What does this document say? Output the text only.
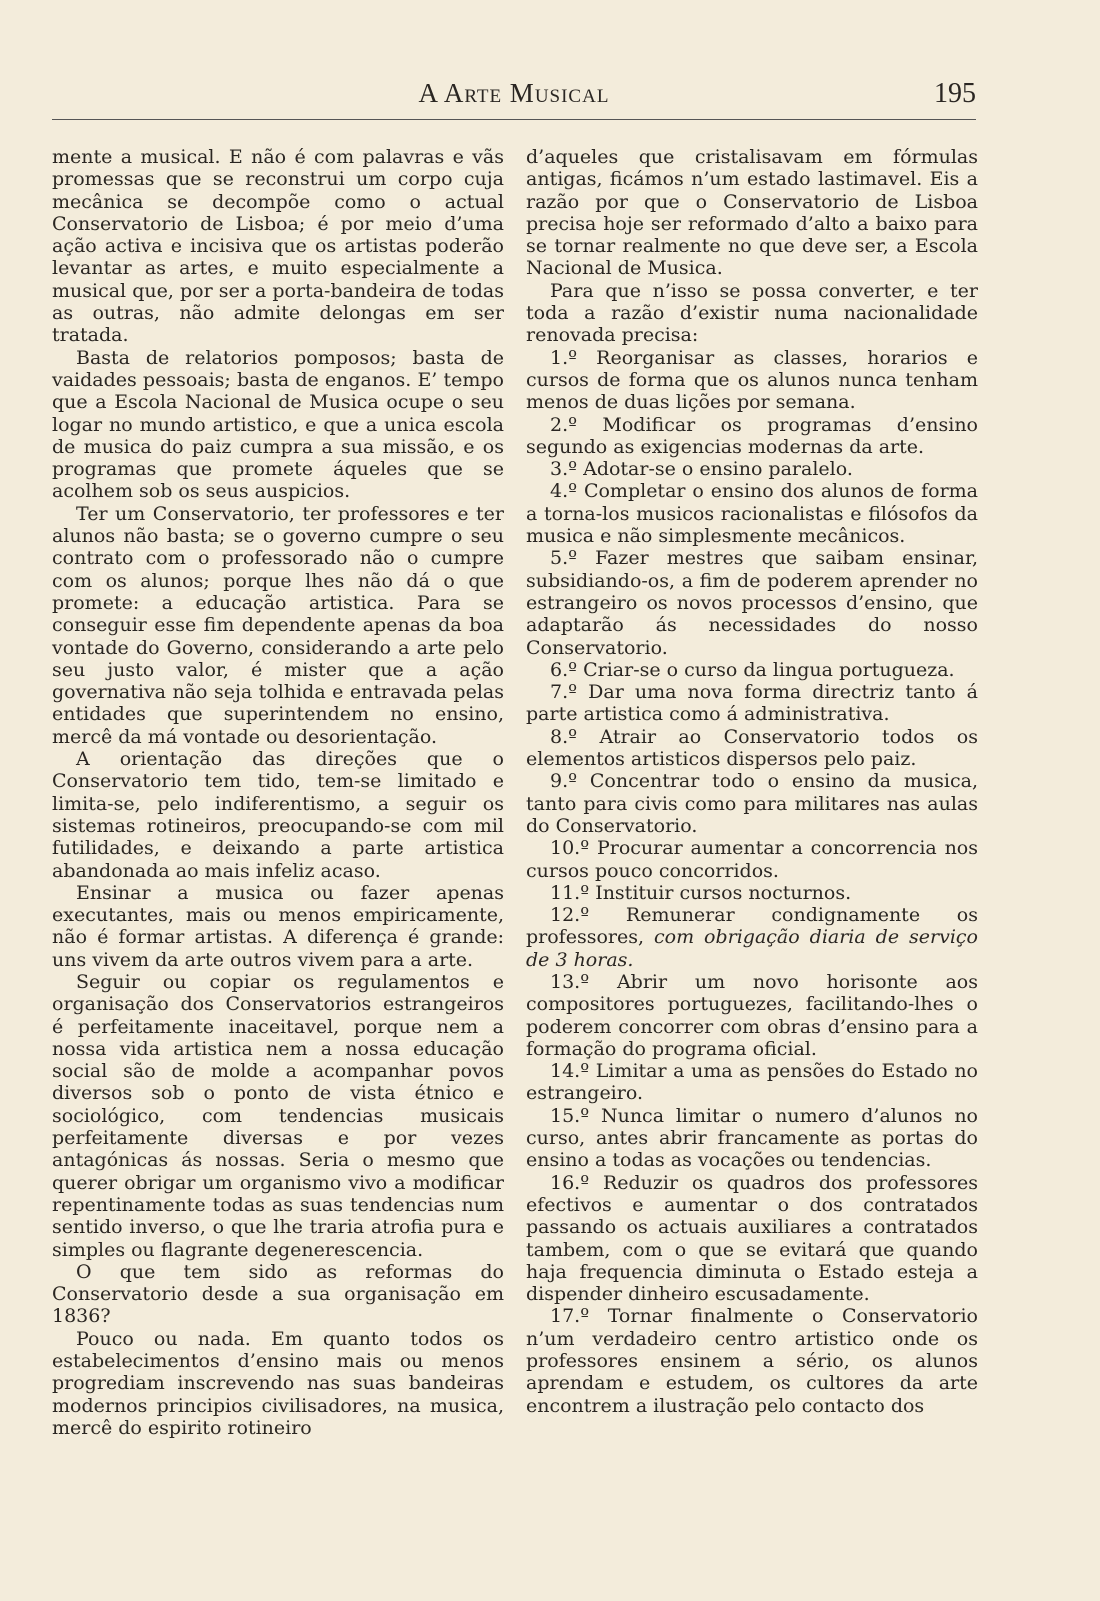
A Arte Musical	195

mente a musical. E não é com palavras e vãs promessas que se reconstrui um corpo cuja mecânica se decompõe como o actual Conservatorio de Lisboa; é por meio d’uma ação activa e incisiva que os artistas poderão levantar as artes, e muito especialmente a musical que, por ser a porta-bandeira de todas as outras, não admite delongas em ser tratada.

Basta de relatorios pomposos; basta de vaidades pessoais; basta de enganos. E’ tempo que a Escola Nacional de Musica ocupe o seu logar no mundo artistico, e que a unica escola de musica do paiz cumpra a sua missão, e os programas que promete áqueles que se acolhem sob os seus auspicios.

Ter um Conservatorio, ter professores e ter alunos não basta; se o governo cumpre o seu contrato com o professorado não o cumpre com os alunos; porque lhes não dá o que promete: a educação artistica. Para se conseguir esse fim dependente apenas da boa vontade do Governo, considerando a arte pelo seu justo valor, é mister que a ação governativa não seja tolhida e entravada pelas entidades que superintendem no ensino, mercê da má vontade ou desorientação.

A orientação das direções que o Conservatorio tem tido, tem-se limitado e limita-se, pelo indiferentismo, a seguir os sistemas rotineiros, preocupando-se com mil futilidades, e deixando a parte artistica abandonada ao mais infeliz acaso.

Ensinar a musica ou fazer apenas executantes, mais ou menos empiricamente, não é formar artistas. A diferença é grande: uns vivem da arte outros vivem para a arte.

Seguir ou copiar os regulamentos e organisação dos Conservatorios estrangeiros é perfeitamente inaceitavel, porque nem a nossa vida artistica nem a nossa educação social são de molde a acompanhar povos diversos sob o ponto de vista étnico e sociológico, com tendencias musicais perfeitamente diversas e por vezes antagónicas ás nossas. Seria o mesmo que querer obrigar um organismo vivo a modificar repentinamente todas as suas tendencias num sentido inverso, o que lhe traria atrofia pura e simples ou flagrante degenerescencia.

O que tem sido as reformas do Conservatorio desde a sua organisação em 1836?

Pouco ou nada. Em quanto todos os estabelecimentos d’ensino mais ou menos progrediam inscrevendo nas suas bandeiras modernos principios civilisadores, na musica, mercê do espirito rotineiro

d’aqueles que cristalisavam em fórmulas antigas, ficámos n’um estado lastimavel. Eis a razão por que o Conservatorio de Lisboa precisa hoje ser reformado d’alto a baixo para se tornar realmente no que deve ser, a Escola Nacional de Musica.

Para que n’isso se possa converter, e ter toda a razão d’existir numa nacionalidade renovada precisa:

1.º Reorganisar as classes, horarios e cursos de forma que os alunos nunca tenham menos de duas lições por semana.

2.º Modificar os programas d’ensino segundo as exigencias modernas da arte.

3.º Adotar-se o ensino paralelo.

4.º Completar o ensino dos alunos de forma a torna-los musicos racionalistas e filósofos da musica e não simplesmente mecânicos.

5.º Fazer mestres que saibam ensinar, subsidiando-os, a fim de poderem aprender no estrangeiro os novos processos d’ensino, que adaptarão ás necessidades do nosso Conservatorio.

6.º Criar-se o curso da lingua portugueza.

7.º Dar uma nova forma directriz tanto á parte artistica como á administrativa.

8.º Atrair ao Conservatorio todos os elementos artisticos dispersos pelo paiz.

9.º Concentrar todo o ensino da musica, tanto para civis como para militares nas aulas do Conservatorio.

10.º Procurar aumentar a concorrencia nos cursos pouco concorridos.

11.º Instituir cursos nocturnos.

12.º Remunerar condignamente os professores, com obrigação diaria de serviço de 3 horas.

13.º Abrir um novo horisonte aos compositores portuguezes, facilitando-lhes o poderem concorrer com obras d’ensino para a formação do programa oficial.

14.º Limitar a uma as pensões do Estado no estrangeiro.

15.º Nunca limitar o numero d’alunos no curso, antes abrir francamente as portas do ensino a todas as vocações ou tendencias.

16.º Reduzir os quadros dos professores efectivos e aumentar o dos contratados passando os actuais auxiliares a contratados tambem, com o que se evitará que quando haja frequencia diminuta o Estado esteja a dispender dinheiro escusadamente.

17.º Tornar finalmente o Conservatorio n’um verdadeiro centro artistico onde os professores ensinem a sério, os alunos aprendam e estudem, os cultores da arte encontrem a ilustração pelo contacto dos
